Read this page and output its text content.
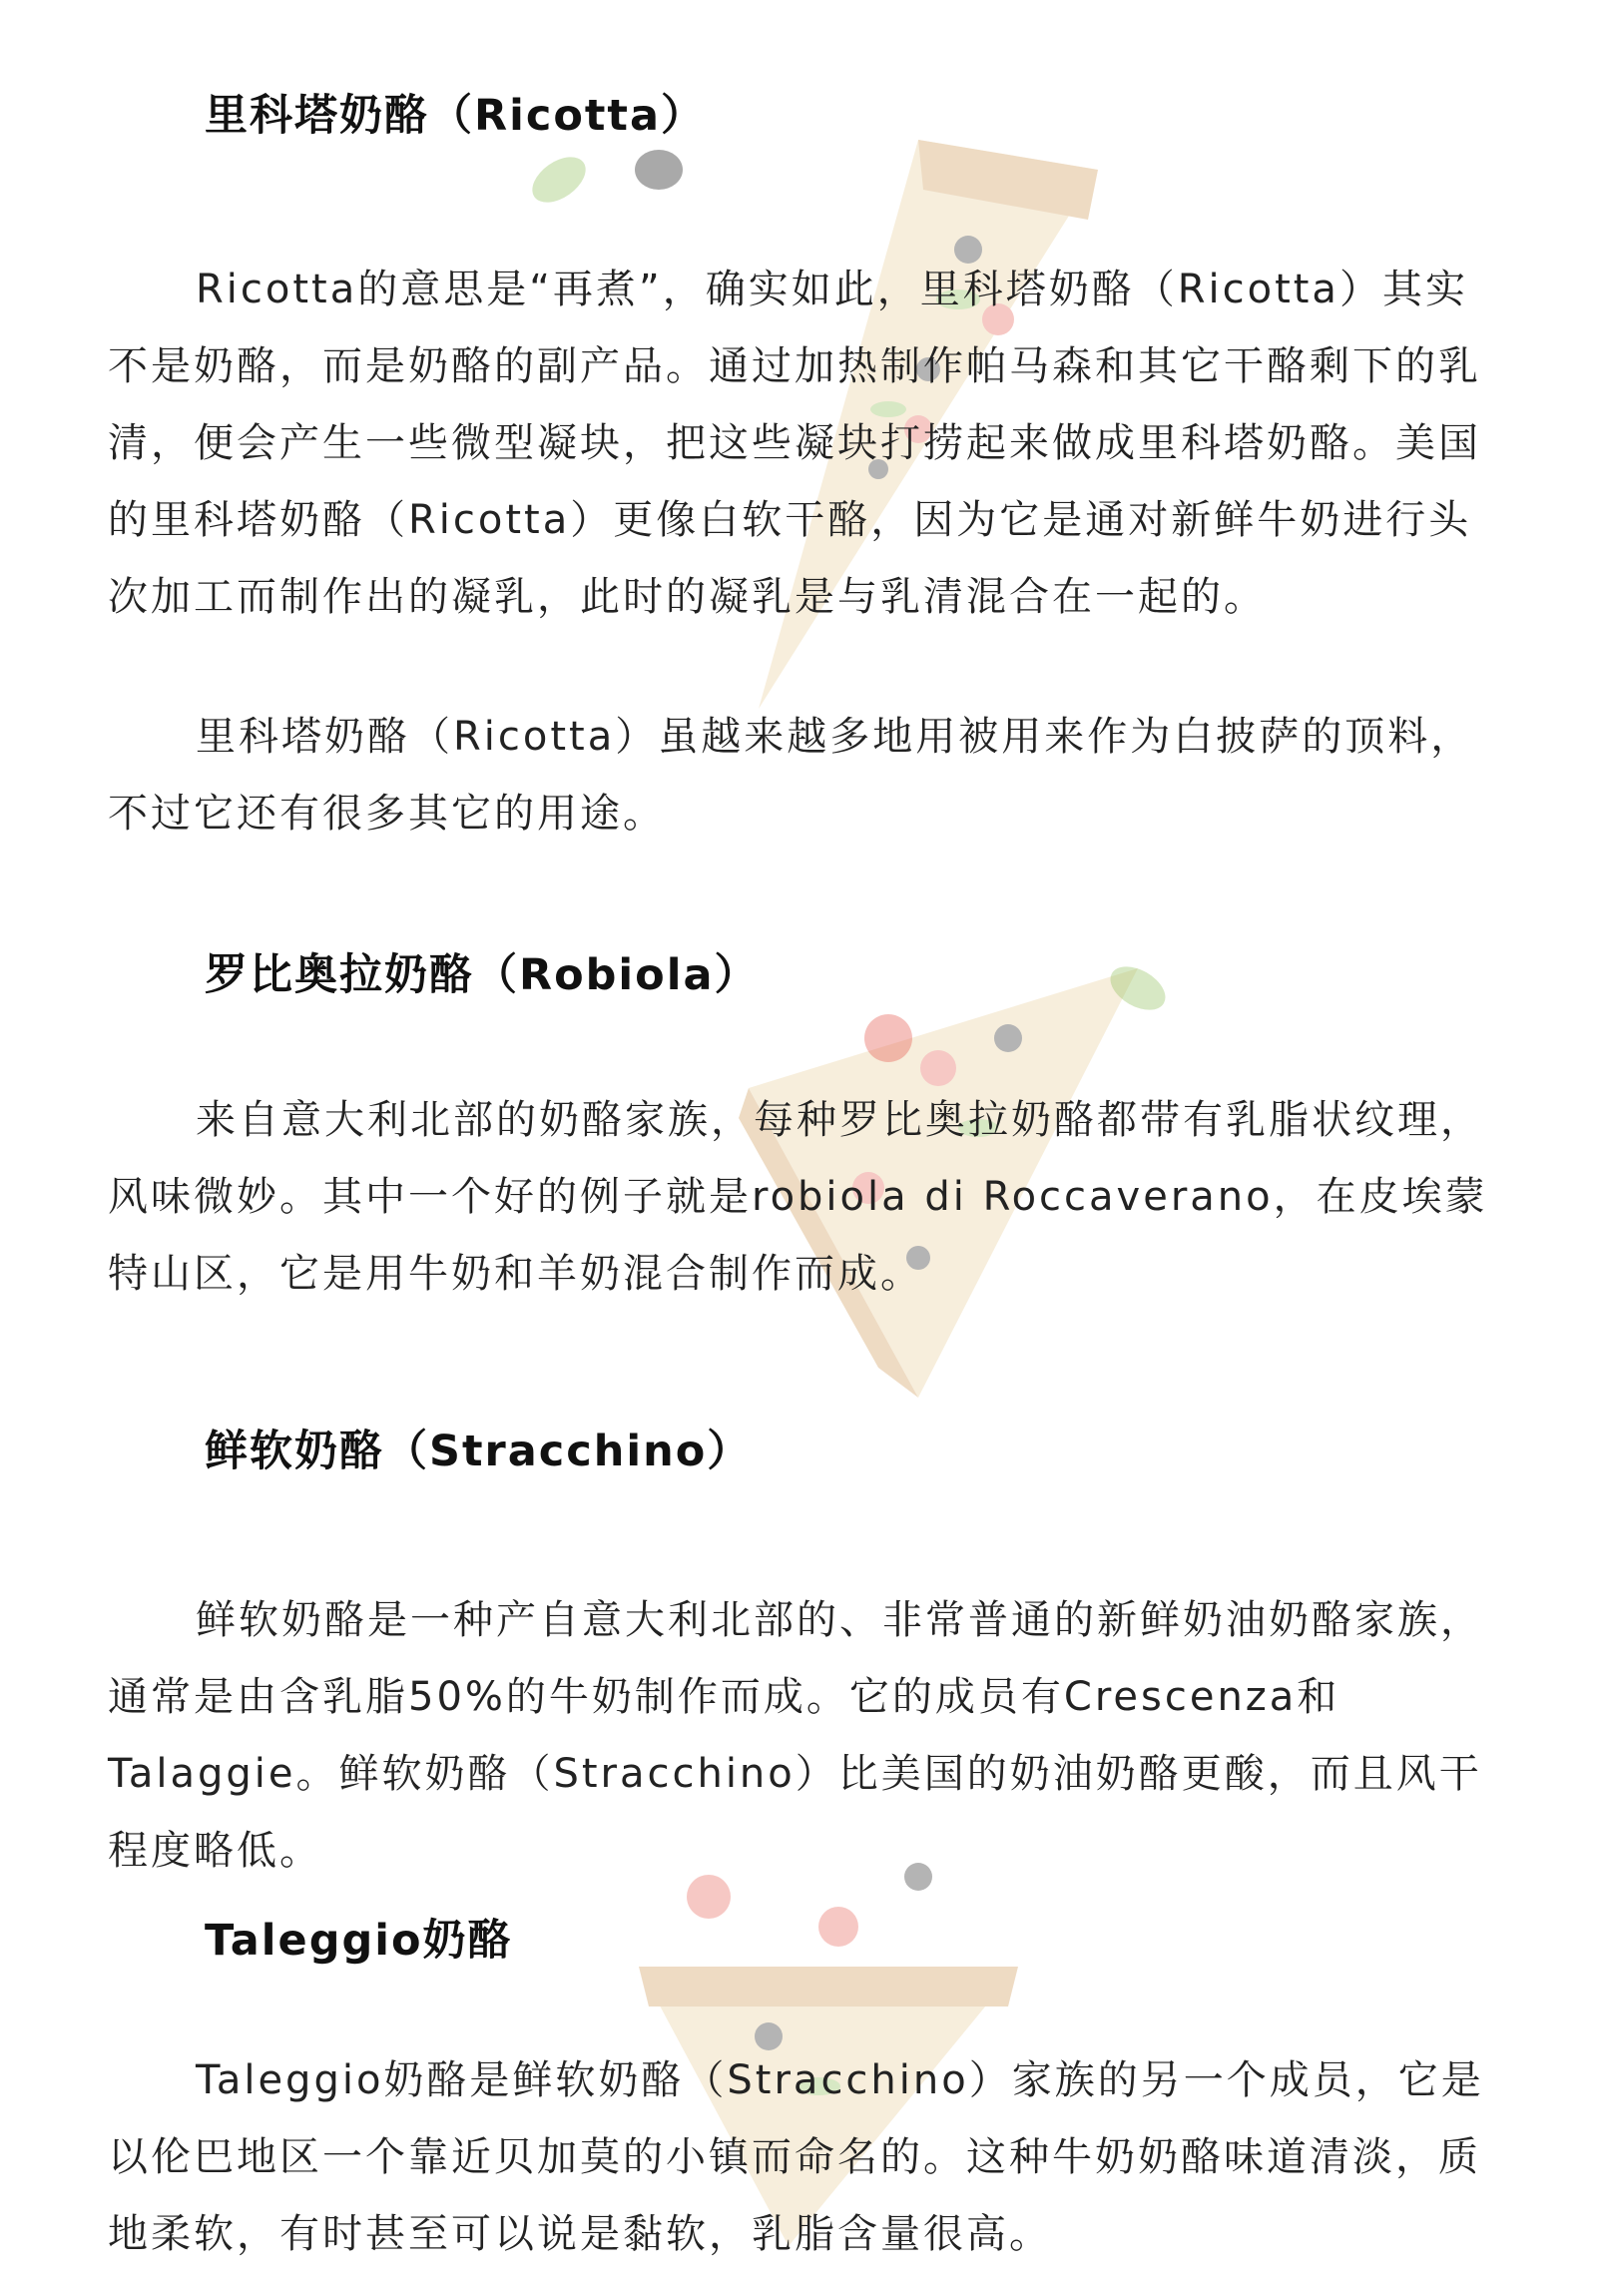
里科塔奶酪（Ricotta）

Ricotta的意思是“再煮”，确实如此，里科塔奶酪（Ricotta）其实不是奶酪，而是奶酪的副产品。通过加热制作帕马森和其它干酪剩下的乳清，便会产生一些微型凝块，把这些凝块打捞起来做成里科塔奶酪。美国的里科塔奶酪（Ricotta）更像白软干酪，因为它是通对新鲜牛奶进行头次加工而制作出的凝乳，此时的凝乳是与乳清混合在一起的。

里科塔奶酪（Ricotta）虽越来越多地用被用来作为白披萨的顶料，不过它还有很多其它的用途。

罗比奥拉奶酪（Robiola）

来自意大利北部的奶酪家族，每种罗比奥拉奶酪都带有乳脂状纹理，风味微妙。其中一个好的例子就是robiola di Roccaverano，在皮埃蒙特山区，它是用牛奶和羊奶混合制作而成。

鲜软奶酪（Stracchino）

鲜软奶酪是一种产自意大利北部的、非常普通的新鲜奶油奶酪家族，通常是由含乳脂50%的牛奶制作而成。它的成员有Crescenza和Talaggie。鲜软奶酪（Stracchino）比美国的奶油奶酪更酸，而且风干程度略低。

Taleggio奶酪

Taleggio奶酪是鲜软奶酪（Stracchino）家族的另一个成员，它是以伦巴地区一个靠近贝加莫的小镇而命名的。这种牛奶奶酪味道清淡，质地柔软，有时甚至可以说是黏软，乳脂含量很高。
